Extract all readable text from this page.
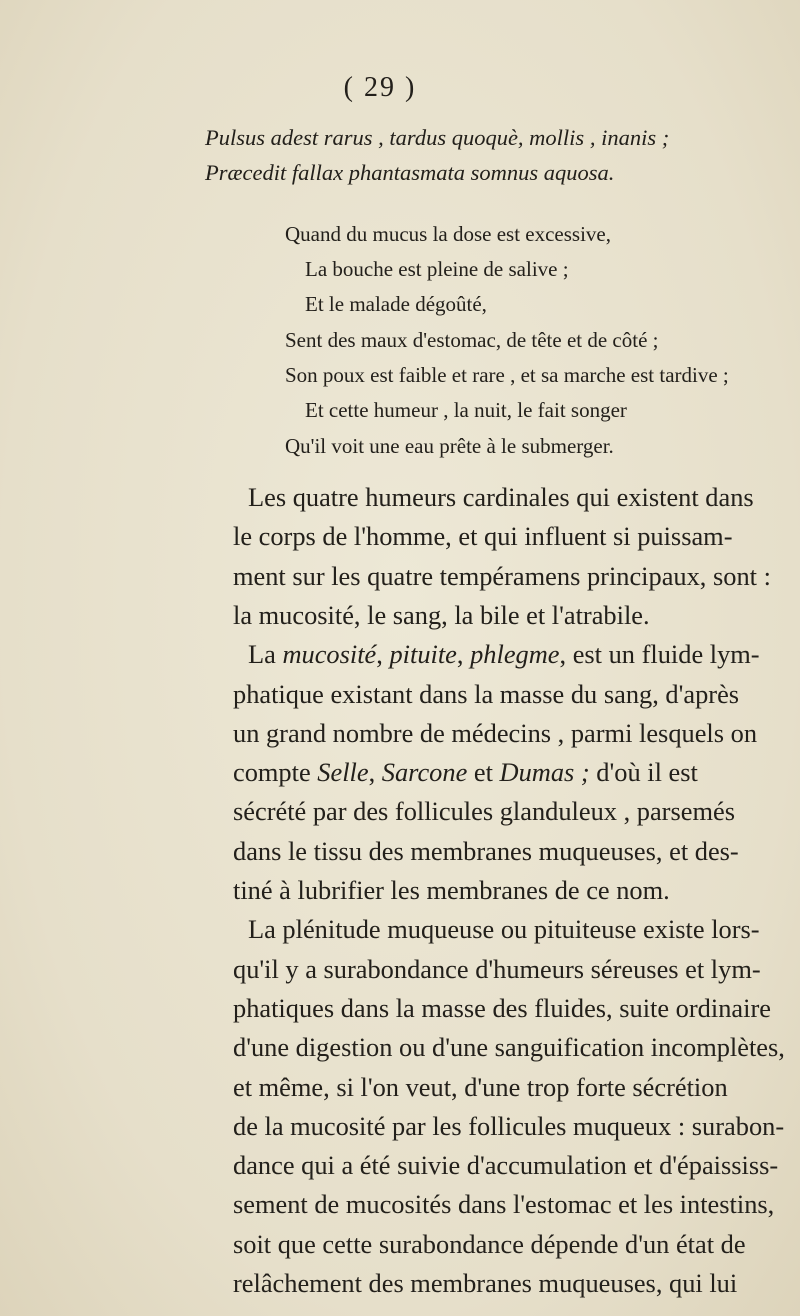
( 29 )
Pulsus adest rarus , tardus quoquè, mollis , inanis ;
Præcedit fallax phantasmata somnus aquosa.
Quand du mucus la dose est excessive,
La bouche est pleine de salive ;
Et le malade dégoûté,
Sent des maux d'estomac, de tête et de côté ;
Son poux est faible et rare , et sa marche est tardive ;
Et cette humeur , la nuit, le fait songer
Qu'il voit une eau prête à le submerger.
Les quatre humeurs cardinales qui existent dans
le corps de l'homme, et qui influent si puissam-
ment sur les quatre tempéramens principaux, sont :
la mucosité, le sang, la bile et l'atrabile.
La mucosité, pituite, phlegme, est un fluide lym-
phatique existant dans la masse du sang, d'après
un grand nombre de médecins , parmi lesquels on
compte Selle, Sarcone et Dumas ; d'où il est
sécrété par des follicules glanduleux , parsemés
dans le tissu des membranes muqueuses, et des-
tiné à lubrifier les membranes de ce nom.
La plénitude muqueuse ou pituiteuse existe lors-
qu'il y a surabondance d'humeurs séreuses et lym-
phatiques dans la masse des fluides, suite ordinaire
d'une digestion ou d'une sanguification incomplètes,
et même, si l'on veut, d'une trop forte sécrétion
de la mucosité par les follicules muqueux : surabon-
dance qui a été suivie d'accumulation et d'épaississ-
sement de mucosités dans l'estomac et les intestins,
soit que cette surabondance dépende d'un état de
relâchement des membranes muqueuses, qui lui
